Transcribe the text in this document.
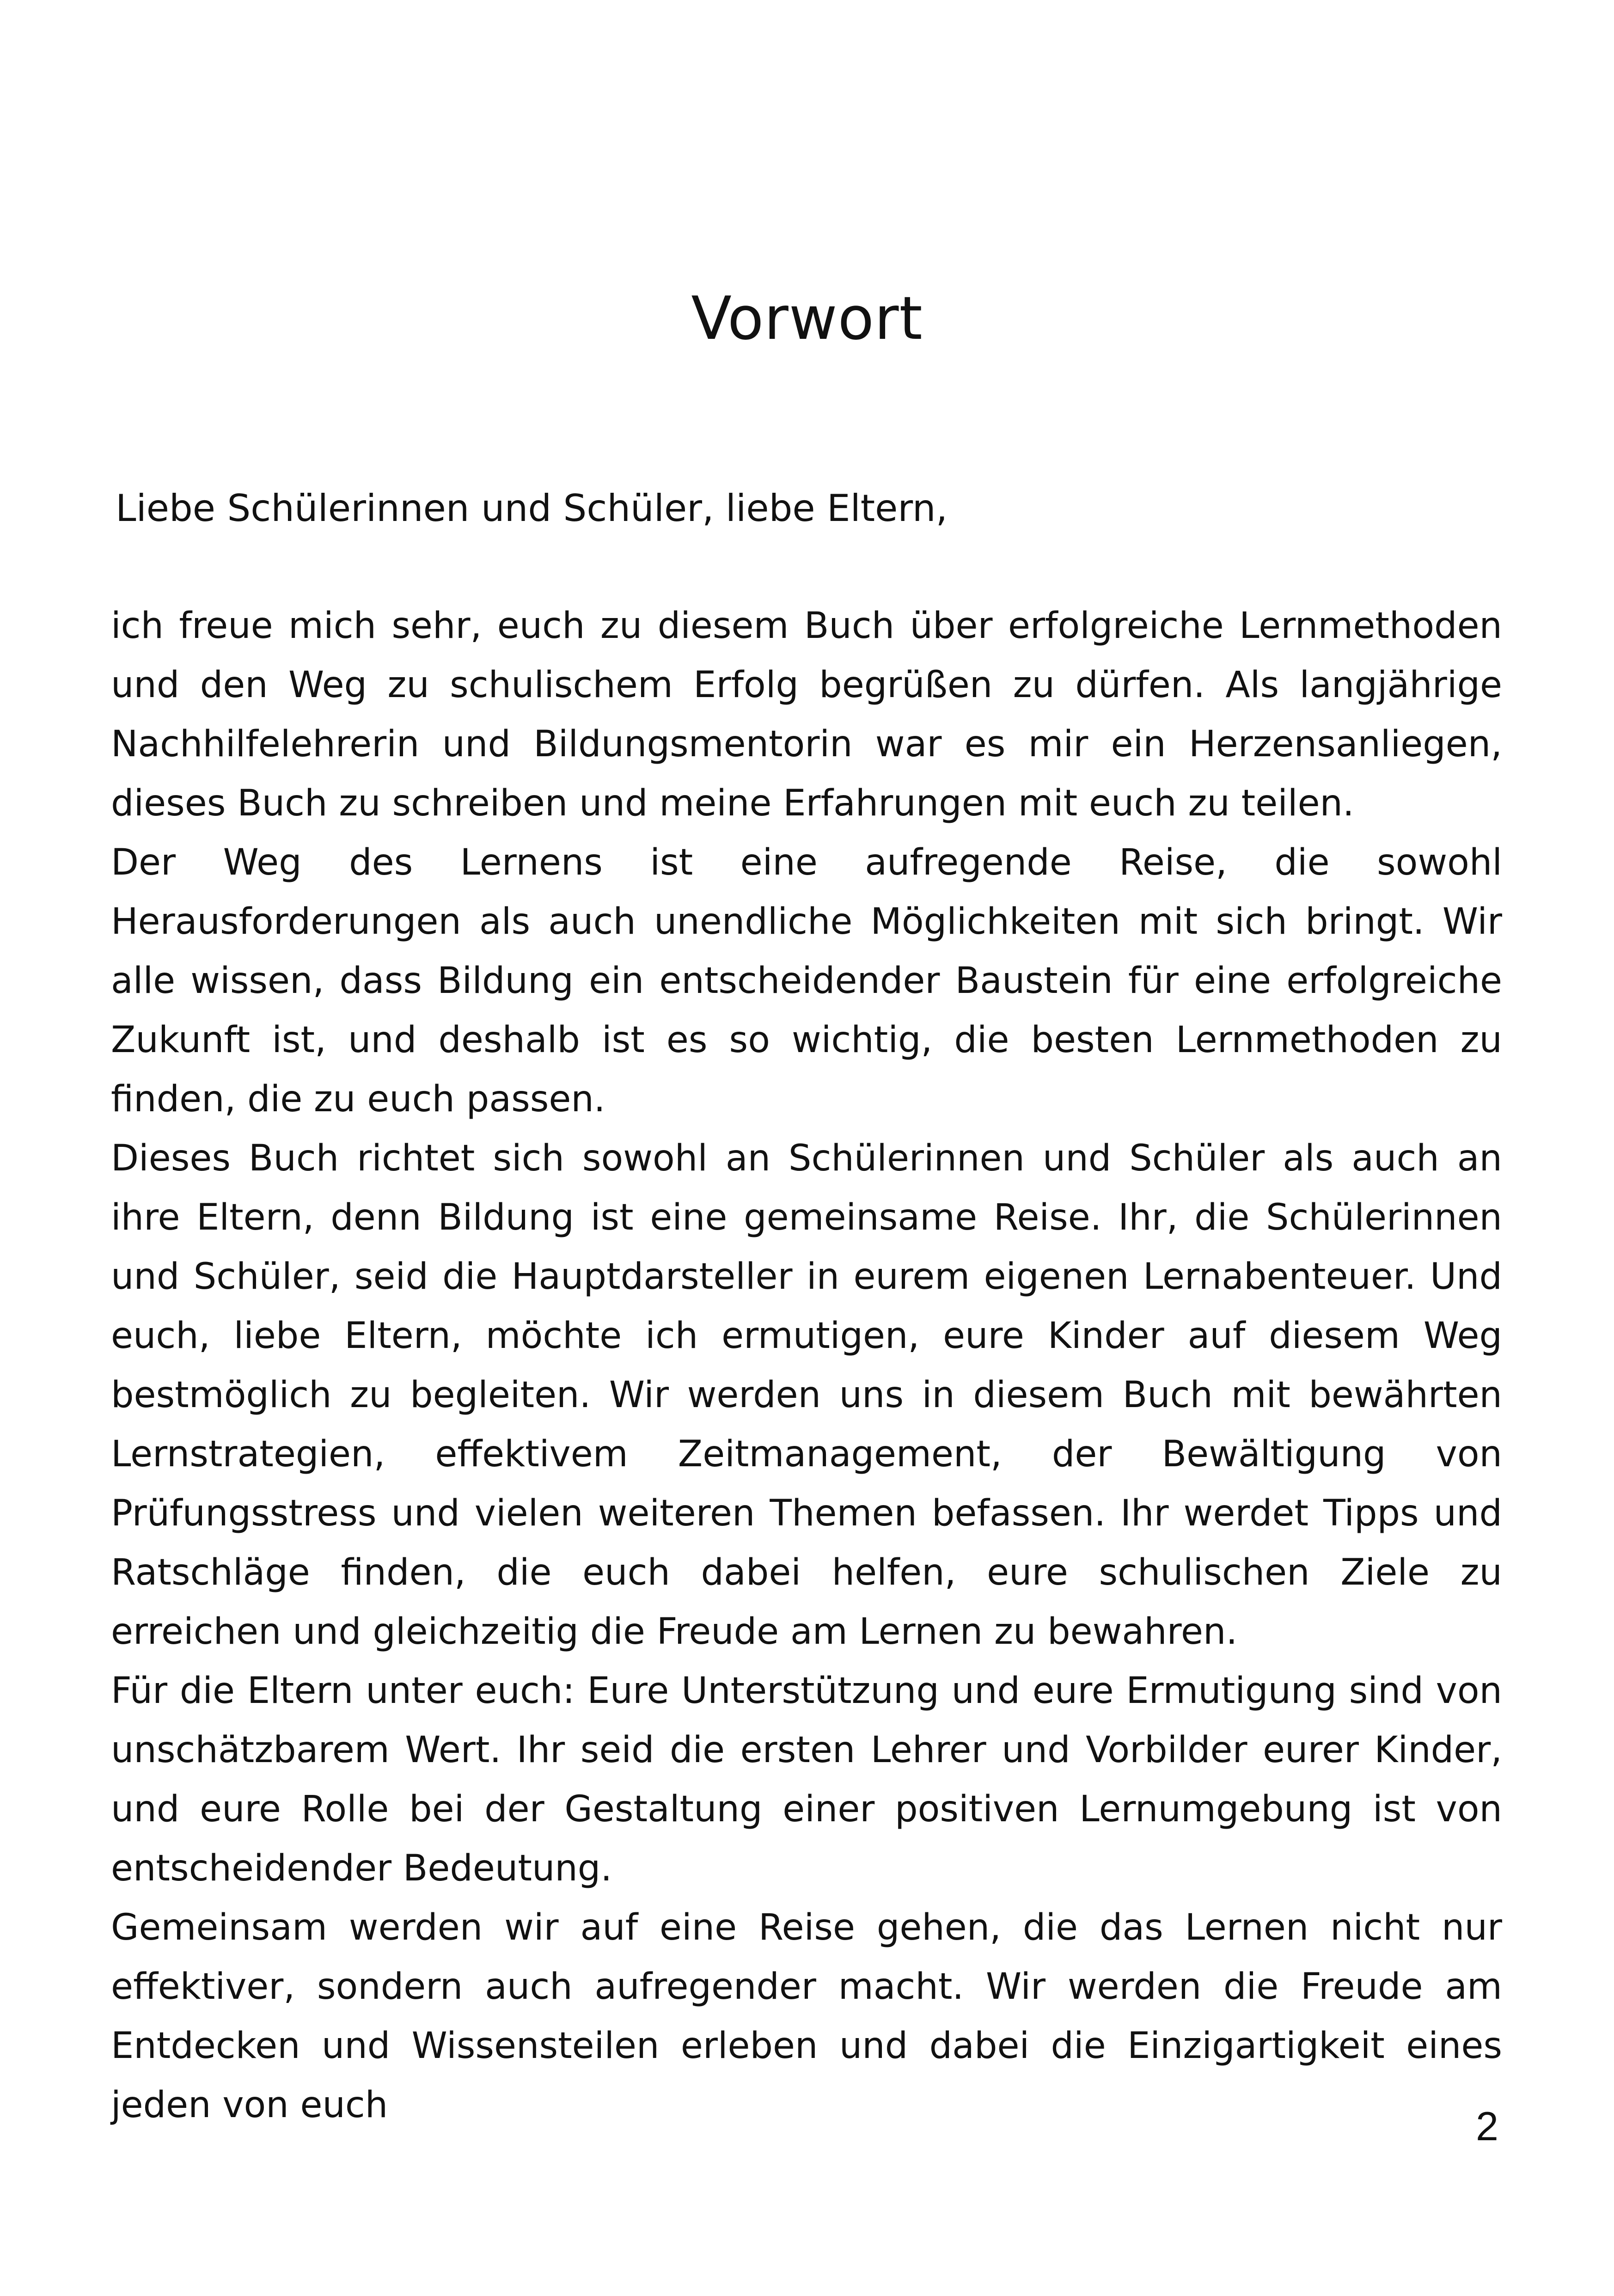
Vorwort

Liebe Schülerinnen und Schüler, liebe Eltern,

ich freue mich sehr, euch zu diesem Buch über erfolgreiche Lernmethoden und den Weg zu schulischem Erfolg begrüßen zu dürfen. Als langjährige Nachhilfelehrerin und Bildungsmentorin war es mir ein Herzensanliegen, dieses Buch zu schreiben und meine Erfahrungen mit euch zu teilen.

Der Weg des Lernens ist eine aufregende Reise, die sowohl Herausforderungen als auch unendliche Möglichkeiten mit sich bringt. Wir alle wissen, dass Bildung ein entscheidender Baustein für eine erfolgreiche Zukunft ist, und deshalb ist es so wichtig, die besten Lernmethoden zu finden, die zu euch passen.

Dieses Buch richtet sich sowohl an Schülerinnen und Schüler als auch an ihre Eltern, denn Bildung ist eine gemeinsame Reise. Ihr, die Schülerinnen und Schüler, seid die Hauptdarsteller in eurem eigenen Lernabenteuer. Und euch, liebe Eltern, möchte ich ermutigen, eure Kinder auf diesem Weg bestmöglich zu begleiten. Wir werden uns in diesem Buch mit bewährten Lernstrategien, effektivem Zeitmanagement, der Bewältigung von Prüfungsstress und vielen weiteren Themen befassen. Ihr werdet Tipps und Ratschläge finden, die euch dabei helfen, eure schulischen Ziele zu erreichen und gleichzeitig die Freude am Lernen zu bewahren.

Für die Eltern unter euch: Eure Unterstützung und eure Ermutigung sind von unschätzbarem Wert. Ihr seid die ersten Lehrer und Vorbilder eurer Kinder, und eure Rolle bei der Gestaltung einer positiven Lernumgebung ist von entscheidender Bedeutung.

Gemeinsam werden wir auf eine Reise gehen, die das Lernen nicht nur effektiver, sondern auch aufregender macht. Wir werden die Freude am Entdecken und Wissensteilen erleben und dabei die Einzigartigkeit eines jeden von euch	2
